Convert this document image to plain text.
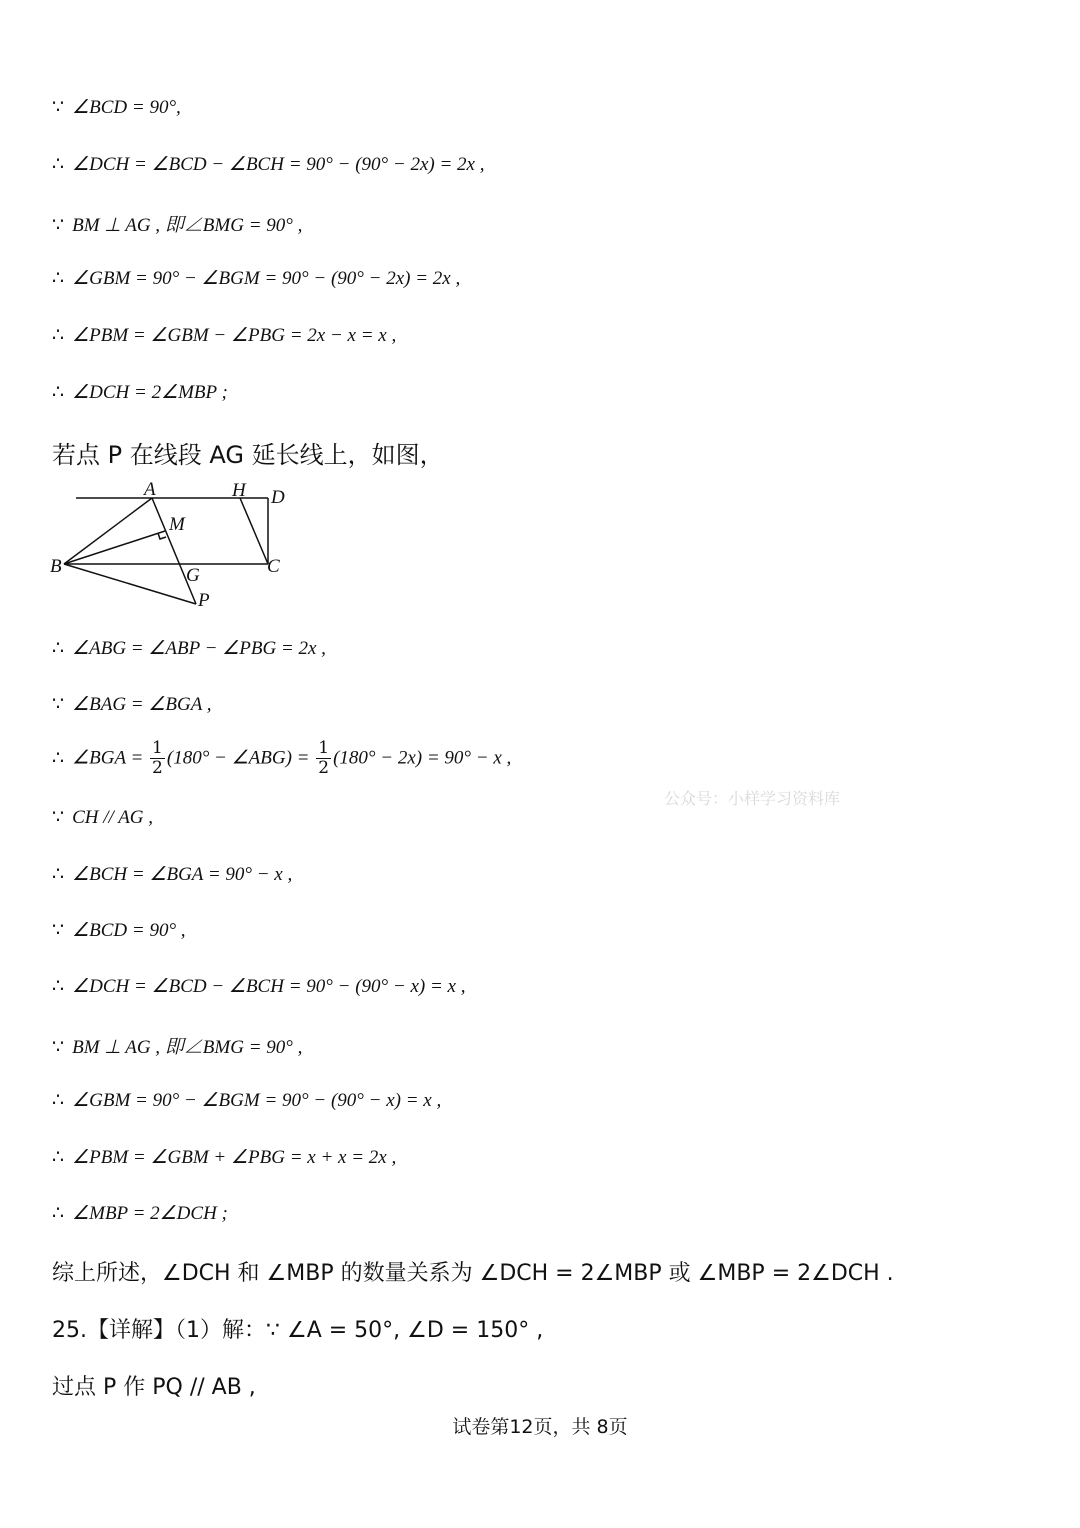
∵ ∠BCD = 90°,
∴ ∠DCH = ∠BCD − ∠BCH = 90° − (90° − 2x) = 2x ,
∵ BM ⊥ AG , 即∠BMG = 90° ,
∴ ∠GBM = 90° − ∠BGM = 90° − (90° − 2x) = 2x ,
∴ ∠PBM = ∠GBM − ∠PBG = 2x − x = x ,
∴ ∠DCH = 2∠MBP ;
若点 P 在线段 AG 延长线上，如图，
A	H D
M
B	C
G
P
∴ ∠ABG = ∠ABP − ∠PBG = 2x ,
∵ ∠BAG = ∠BGA ,
∴ ∠BGA = $\frac{1}{2} (180^\circ$ − ∠ABG) = $\frac{1}{2} (180^\circ - 2x) = 90^\circ - x$ ,
∵ CH // AG ,
∴ ∠BCH = ∠BGA = 90° − x ,
∵ ∠BCD = 90° ,
∴ ∠DCH = ∠BCD − ∠BCH = 90° − (90° − x) = x ,
∵ BM ⊥ AG , 即∠BMG = 90° ,
∴ ∠GBM = 90° − ∠BGM = 90° − (90° − x) = x ,
∴ ∠PBM = ∠GBM + ∠PBG = x + x = 2x ,
∴ ∠MBP = 2∠DCH ;
综上所述，∠DCH 和 ∠MBP 的数量关系为 ∠DCH = 2∠MBP 或 ∠MBP = 2∠DCH .
25.【详解】（1）解：∵ ∠A = 50°, ∠D = 150° ,
过点 P 作 PQ // AB ,
公众号：小样学习资料库
试卷第12页，共 8页
